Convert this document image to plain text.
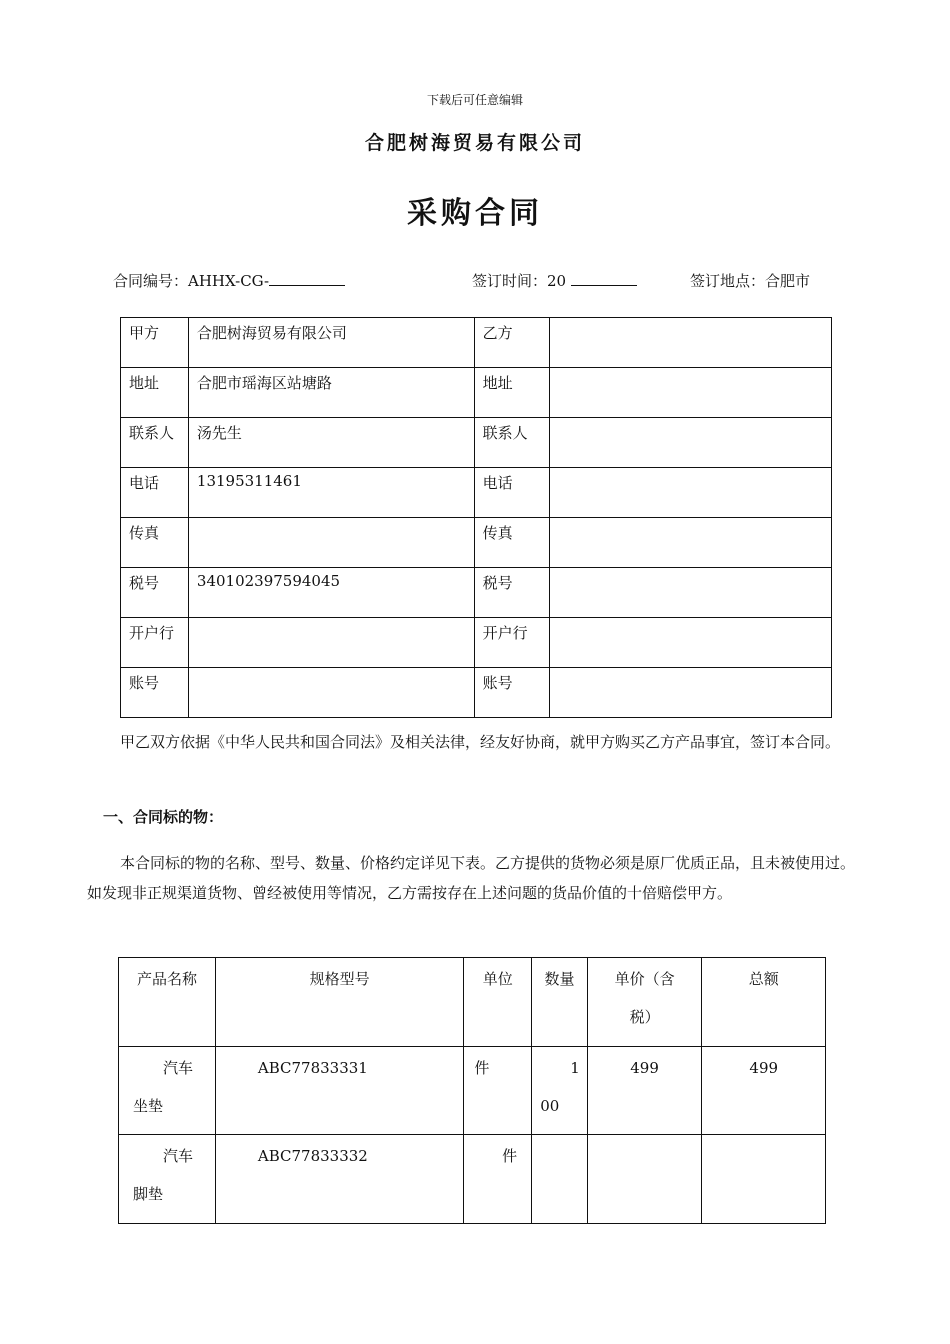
下载后可任意编辑
合肥树海贸易有限公司
采购合同
合同编号：AHHX-CG-	签订时间：20	签订地点：合肥市
甲方	合肥树海贸易有限公司	乙方	
地址	合肥市瑶海区站塘路	地址	
联系人	汤先生	联系人	
电话	13195311461	电话	
传真		传真	
税号	340102397594045	税号	
开户行		开户行	
账号		账号	
甲乙双方依据《中华人民共和国合同法》及相关法律，经友好协商，就甲方购买乙方产品事宜，签订本合同。
一、合同标的物：
本合同标的物的名称、型号、数量、价格约定详见下表。乙方提供的货物必须是原厂优质正品，且未被使用过。如发现非正规渠道货物、曾经被使用等情况，乙方需按存在上述问题的货品价值的十倍赔偿甲方。
产品名称	规格型号	单位	数量	单价（含税）	总额
汽车坐垫	ABC77833331	件	100	499	499
汽车脚垫	ABC77833332	件			
